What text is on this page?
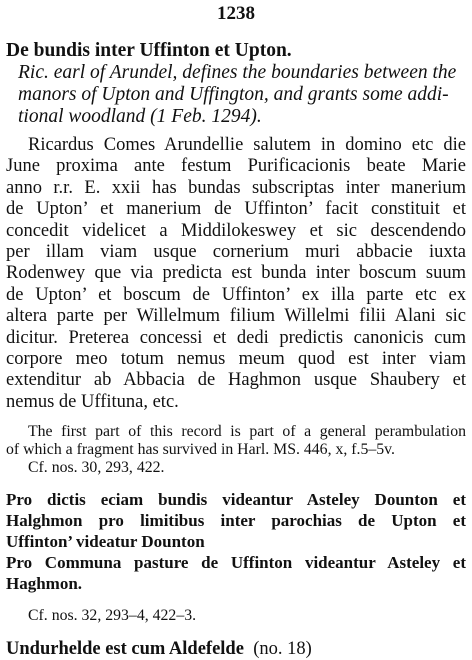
1238
De bundis inter Uffinton et Upton.
Ric. earl of Arundel, defines the boundaries between the
manors of Upton and Uffington, and grants some addi-
tional woodland (1 Feb. 1294).
Ricardus Comes Arundellie salutem in domino etc die
June proxima ante festum Purificacionis beate Marie
anno r.r. E. xxii has bundas subscriptas inter manerium
de Upton’ et manerium de Uffinton’ facit constituit et
concedit videlicet a Middilokeswey et sic descendendo
per illam viam usque cornerium muri abbacie iuxta
Rodenwey que via predicta est bunda inter boscum suum
de Upton’ et boscum de Uffinton’ ex illa parte etc ex
altera parte per Willelmum filium Willelmi filii Alani sic
dicitur. Preterea concessi et dedi predictis canonicis cum
corpore meo totum nemus meum quod est inter viam
extenditur ab Abbacia de Haghmon usque Shaubery et
nemus de Uffituna, etc.
The first part of this record is part of a general perambulation
of which a fragment has survived in Harl. MS. 446, x, f.5–5v.
Cf. nos. 30, 293, 422.
Pro dictis eciam bundis videantur Asteley Dounton et
Halghmon pro limitibus inter parochias de Upton et
Uffinton’ videatur Dounton
Pro Communa pasture de Uffinton videantur Asteley et
Haghmon.
Cf. nos. 32, 293–4, 422–3.
Undurhelde est cum Aldefelde (no. 18)
